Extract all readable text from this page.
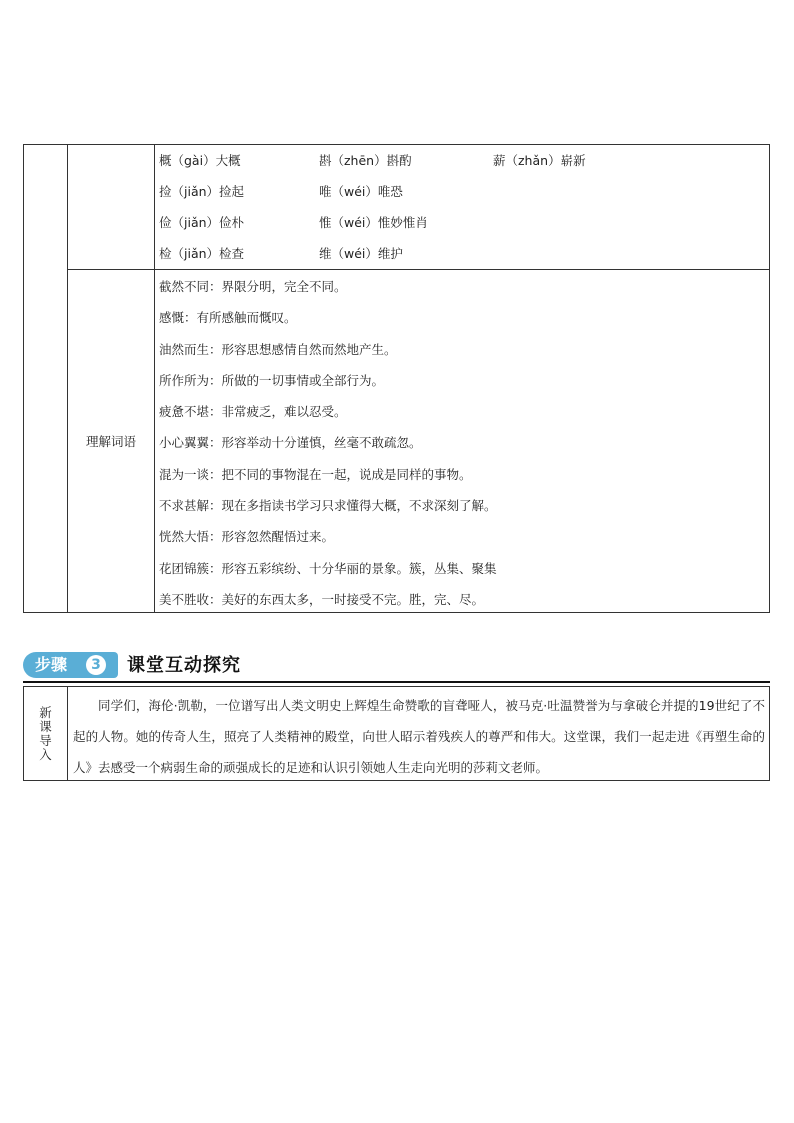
概（gài）大概	斟（zhēn）斟酌	薪（zhǎn）崭新
捡（jiǎn）捡起	唯（wéi）唯恐
俭（jiǎn）俭朴	惟（wéi）惟妙惟肖
检（jiǎn）检查	维（wéi）维护
理解词语
截然不同：界限分明，完全不同。
感慨：有所感触而慨叹。
油然而生：形容思想感情自然而然地产生。
所作所为：所做的一切事情或全部行为。
疲惫不堪：非常疲乏，难以忍受。
小心翼翼：形容举动十分谨慎，丝毫不敢疏忽。
混为一谈：把不同的事物混在一起，说成是同样的事物。
不求甚解：现在多指读书学习只求懂得大概，不求深刻了解。
恍然大悟：形容忽然醒悟过来。
花团锦簇：形容五彩缤纷、十分华丽的景象。簇，丛集、聚集
美不胜收：美好的东西太多，一时接受不完。胜，完、尽。
步骤	3 课堂互动探究
新课导入
同学们，海伦·凯勒，一位谱写出人类文明史上辉煌生命赞歌的盲聋哑人，被马克·吐温赞誉为与拿破仑并提的19世纪了不起的人物。她的传奇人生，照亮了人类精神的殿堂，向世人昭示着残疾人的尊严和伟大。这堂课，我们一起走进《再塑生命的人》去感受一个病弱生命的顽强成长的足迹和认识引领她人生走向光明的莎莉文老师。
